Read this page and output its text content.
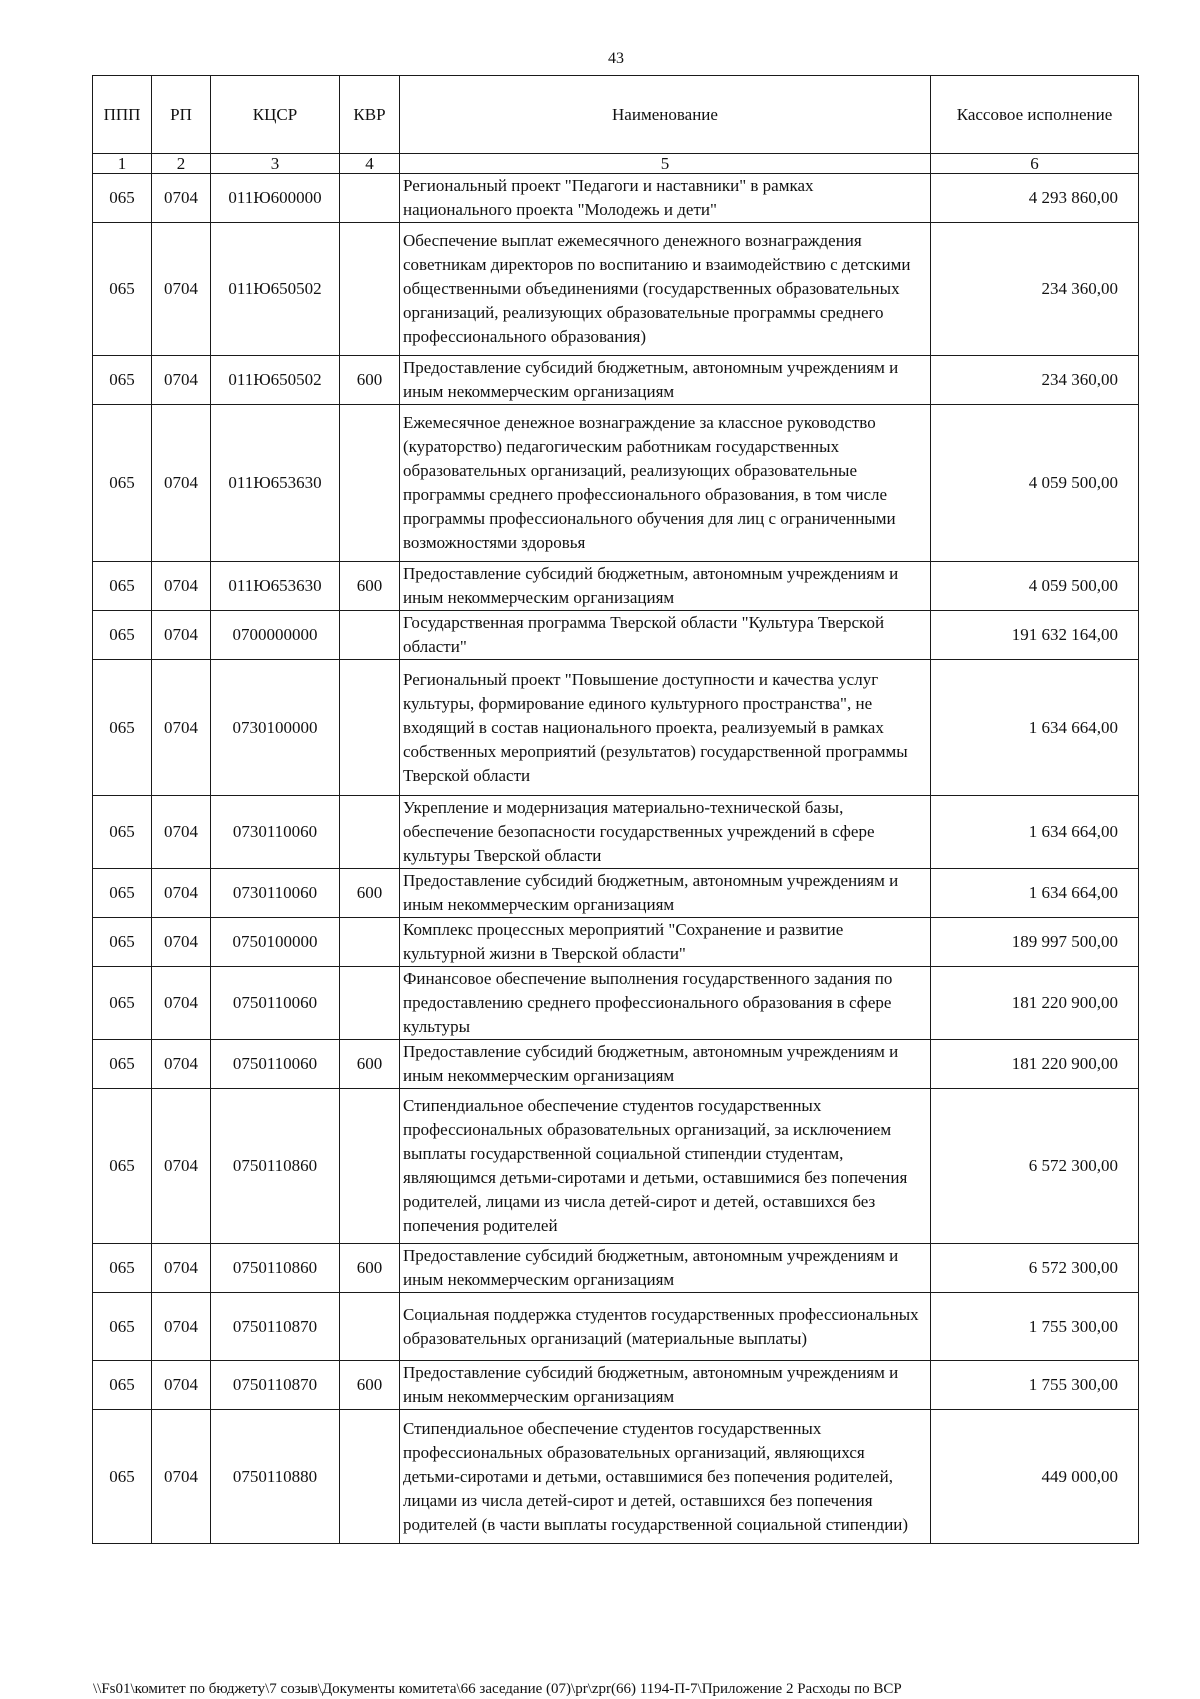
43
ППП	РП	КЦСР	КВР	Наименование	Кассовое исполнение
1	2	3	4	5	6
065	0704	011Ю600000		Региональный проект "Педагоги и наставники" в рамках национального проекта "Молодежь и дети"	4 293 860,00
065	0704	011Ю650502		Обеспечение выплат ежемесячного денежного вознаграждения советникам директоров по воспитанию и взаимодействию с детскими общественными объединениями (государственных образовательных организаций, реализующих образовательные программы среднего профессионального образования)	234 360,00
065	0704	011Ю650502	600	Предоставление субсидий бюджетным, автономным учреждениям и иным некоммерческим организациям	234 360,00
065	0704	011Ю653630		Ежемесячное денежное вознаграждение за классное руководство (кураторство) педагогическим работникам государственных образовательных организаций, реализующих образовательные программы среднего профессионального образования, в том числе программы профессионального обучения для лиц с ограниченными возможностями здоровья	4 059 500,00
065	0704	011Ю653630	600	Предоставление субсидий бюджетным, автономным учреждениям и иным некоммерческим организациям	4 059 500,00
065	0704	0700000000		Государственная программа Тверской области "Культура Тверской области"	191 632 164,00
065	0704	0730100000		Региональный проект "Повышение доступности и качества услуг культуры, формирование единого культурного пространства", не входящий в состав национального проекта, реализуемый в рамках собственных мероприятий (результатов) государственной программы Тверской области	1 634 664,00
065	0704	0730110060		Укрепление и модернизация материально-технической базы, обеспечение безопасности государственных учреждений в сфере культуры Тверской области	1 634 664,00
065	0704	0730110060	600	Предоставление субсидий бюджетным, автономным учреждениям и иным некоммерческим организациям	1 634 664,00
065	0704	0750100000		Комплекс процессных мероприятий "Сохранение и развитие культурной жизни в Тверской области"	189 997 500,00
065	0704	0750110060		Финансовое обеспечение выполнения государственного задания по предоставлению среднего профессионального образования в сфере культуры	181 220 900,00
065	0704	0750110060	600	Предоставление субсидий бюджетным, автономным учреждениям и иным некоммерческим организациям	181 220 900,00
065	0704	0750110860		Стипендиальное обеспечение студентов государственных профессиональных образовательных организаций, за исключением выплаты государственной социальной стипендии студентам, являющимся детьми-сиротами и детьми, оставшимися без попечения родителей, лицами из числа детей-сирот и детей, оставшихся без попечения родителей	6 572 300,00
065	0704	0750110860	600	Предоставление субсидий бюджетным, автономным учреждениям и иным некоммерческим организациям	6 572 300,00
065	0704	0750110870		Социальная поддержка студентов государственных профессиональных образовательных организаций (материальные выплаты)	1 755 300,00
065	0704	0750110870	600	Предоставление субсидий бюджетным, автономным учреждениям и иным некоммерческим организациям	1 755 300,00
065	0704	0750110880		Стипендиальное обеспечение студентов государственных профессиональных образовательных организаций, являющихся детьми-сиротами и детьми, оставшимися без попечения родителей, лицами из числа детей-сирот и детей, оставшихся без попечения родителей (в части выплаты государственной социальной стипендии)	449 000,00
\\Fs01\комитет по бюджету\7 созыв\Документы комитета\66 заседание (07)\pr\zpr(66) 1194-П-7\Приложение 2 Расходы по ВСР
